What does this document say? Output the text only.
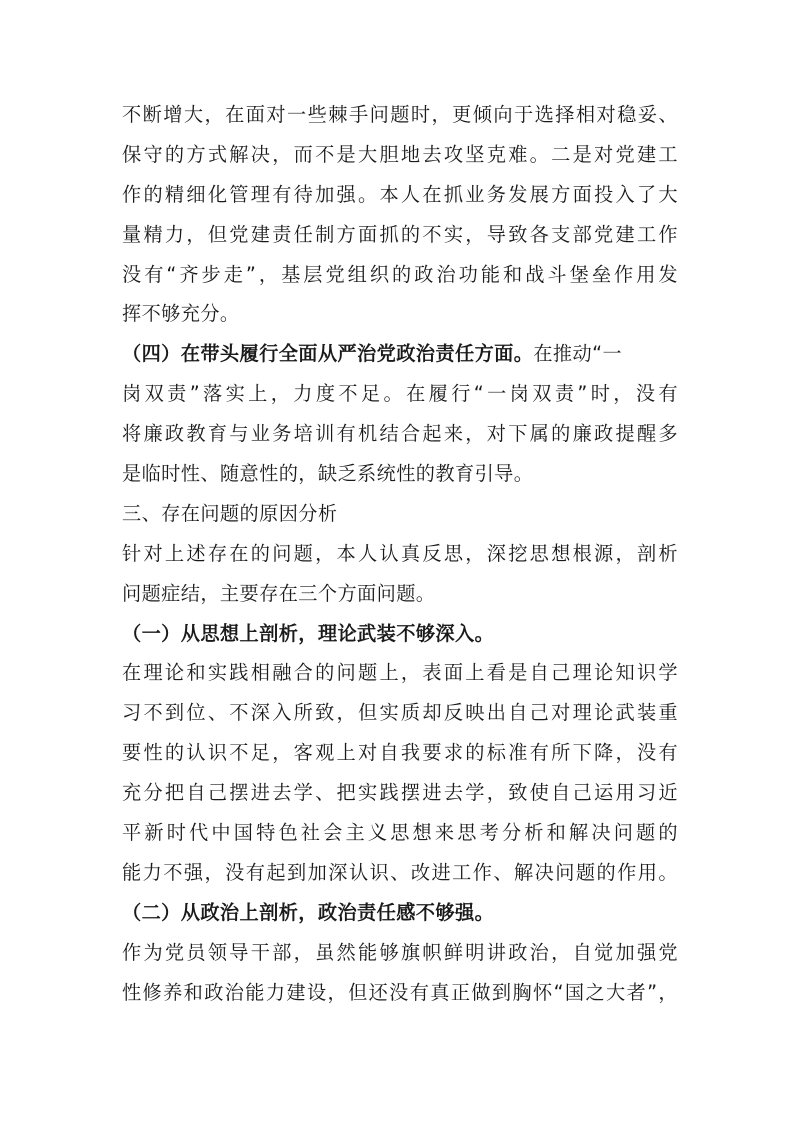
不断增大，在面对一些棘手问题时，更倾向于选择相对稳妥、
保守的方式解决，而不是大胆地去攻坚克难。二是对党建工
作的精细化管理有待加强。本人在抓业务发展方面投入了大
量精力，但党建责任制方面抓的不实，导致各支部党建工作
没有“齐步走”，基层党组织的政治功能和战斗堡垒作用发
挥不够充分。
（四）在带头履行全面从严治党政治责任方面。在推动“一
岗双责”落实上，力度不足。在履行“一岗双责”时，没有
将廉政教育与业务培训有机结合起来，对下属的廉政提醒多
是临时性、随意性的，缺乏系统性的教育引导。
三、存在问题的原因分析
针对上述存在的问题，本人认真反思，深挖思想根源，剖析
问题症结，主要存在三个方面问题。
（一）从思想上剖析，理论武装不够深入。
在理论和实践相融合的问题上，表面上看是自己理论知识学
习不到位、不深入所致，但实质却反映出自己对理论武装重
要性的认识不足，客观上对自我要求的标准有所下降，没有
充分把自己摆进去学、把实践摆进去学，致使自己运用习近
平新时代中国特色社会主义思想来思考分析和解决问题的
能力不强，没有起到加深认识、改进工作、解决问题的作用。
（二）从政治上剖析，政治责任感不够强。
作为党员领导干部，虽然能够旗帜鲜明讲政治，自觉加强党
性修养和政治能力建设，但还没有真正做到胸怀“国之大者”，
